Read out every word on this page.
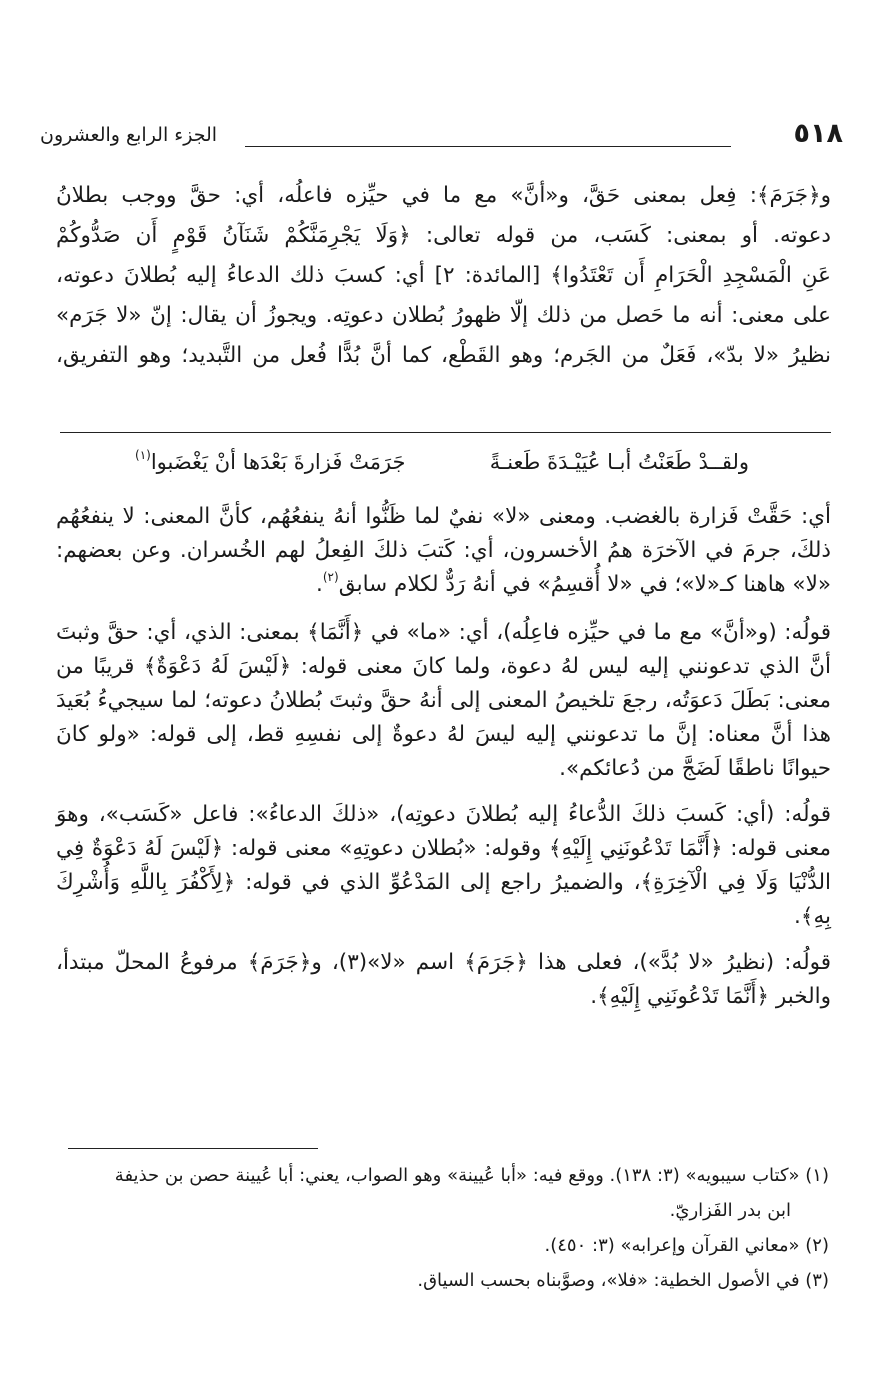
٥١٨
الجزء الرابع والعشرون

و﴿جَرَمَ﴾: فِعل بمعنى حَقَّ، و«أنَّ» مع ما في حيِّزه فاعلُه، أي: حقَّ ووجب بطلانُ

دعوته. أو بمعنى: كَسَب، من قوله تعالى: ﴿وَلَا يَجْرِمَنَّكُمْ شَنَآنُ قَوْمٍ أَن صَدُّوكُمْ

عَنِ الْمَسْجِدِ الْحَرَامِ أَن تَعْتَدُوا﴾ [المائدة: ٢] أي: كسبَ ذلك الدعاءُ إليه بُطلانَ دعوته،

على معنى: أنه ما حَصل من ذلك إلّا ظهورُ بُطلان دعوتِه. ويجوزُ أن يقال: إنّ «لا جَرَم»

نظيرُ «لا بدّ»، فَعَلٌ من الجَرم؛ وهو القَطْع، كما أنَّ بُدًّا فُعل من التَّبديد؛ وهو التفريق،

ولقــدْ طَعَنْتُ أبـا عُيَيْـدَةَ طَعنـةً
جَرَمَتْ فَزارةَ بَعْدَها أنْ يَغْضَبوا$^{(١)}$

أي: حَقَّتْ فَزارة بالغضب. ومعنى «لا» نفيٌ لما ظَنُّوا أنهُ ينفعُهُم، كأنَّ المعنى: لا ينفعُهُم ذلكَ، جرمَ في الآخرَة همُ الأخسرون، أي: كَتبَ ذلكَ الفِعلُ لهم الخُسران. وعن بعضهم: «لا» هاهنا كـ«لا»؛ في «لا أُقسِمُ» في أنهُ رَدٌّ لكلام سابق$^{(٢)}$.

قولُه: (و«أنَّ» مع ما في حيِّزه فاعِلُه)، أي: «ما» في ﴿أَنَّمَا﴾ بمعنى: الذي، أي: حقَّ وثبتَ أنَّ الذي تدعونني إليه ليس لهُ دعوة، ولما كانَ معنى قوله: ﴿لَيْسَ لَهُ دَعْوَةٌ﴾ قريبًا من معنى: بَطَلَ دَعوَتُه، رجعَ تلخيصُ المعنى إلى أنهُ حقَّ وثبتَ بُطلانُ دعوته؛ لما سيجيءُ بُعَيدَ هذا أنَّ معناه: إنَّ ما تدعونني إليه ليسَ لهُ دعوةٌ إلى نفسِهِ قط، إلى قوله: «ولو كانَ حيوانًا ناطقًا لَضَجَّ من دُعائكم».

قولُه: (أي: كَسبَ ذلكَ الدُّعاءُ إليه بُطلانَ دعوتِه)، «ذلكَ الدعاءُ»: فاعل «كَسَب»، وهوَ معنى قوله: ﴿أَنَّمَا تَدْعُونَنِي إِلَيْهِ﴾ وقوله: «بُطلان دعوتِهِ» معنى قوله: ﴿لَيْسَ لَهُ دَعْوَةٌ فِي الدُّنْيَا وَلَا فِي الْآخِرَةِ﴾، والضميرُ راجع إلى المَدْعُوِّ الذي في قوله: ﴿لِأَكْفُرَ بِاللَّهِ وَأُشْرِكَ بِهِ﴾.

قولُه: (نظيرُ «لا بُدَّ»)، فعلى هذا ﴿جَرَمَ﴾ اسم «لا»(٣)، و﴿جَرَمَ﴾ مرفوعُ المحلّ مبتدأ، والخبر ﴿أَنَّمَا تَدْعُونَنِي إِلَيْهِ﴾.

(١) «كتاب سيبويه» (٣: ١٣٨). ووقع فيه: «أبا عُيينة» وهو الصواب، يعني: أبا عُيينة حصن بن حذيفة

ابن بدر الفَزاريّ.

(٢) «معاني القرآن وإعرابه» (٣: ٤٥٠).

(٣) في الأصول الخطية: «فلا»، وصوَّبناه بحسب السياق.
